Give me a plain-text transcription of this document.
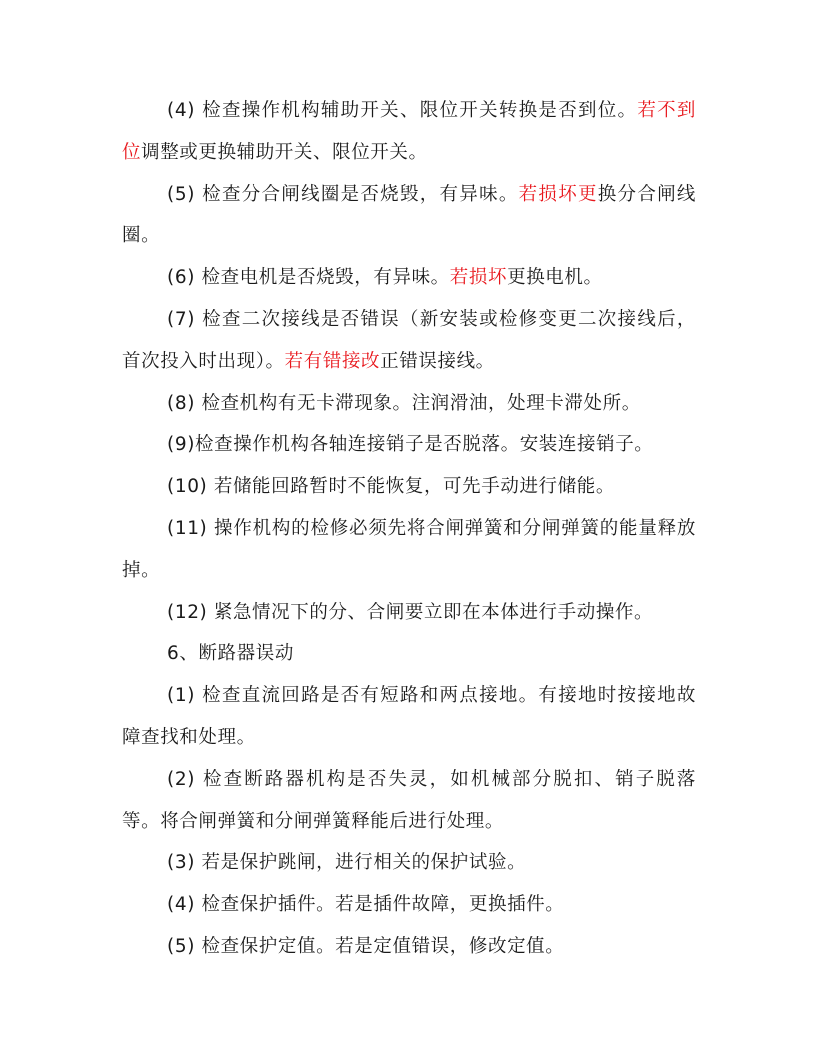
(4) 检查操作机构辅助开关、限位开关转换是否到位。若不到位调整或更换辅助开关、限位开关。

(5) 检查分合闸线圈是否烧毁，有异味。若损坏更换分合闸线圈。

(6) 检查电机是否烧毁，有异味。若损坏更换电机。

(7) 检查二次接线是否错误（新安装或检修变更二次接线后，首次投入时出现）。若有错接改正错误接线。

(8) 检查机构有无卡滞现象。注润滑油，处理卡滞处所。

(9)检查操作机构各轴连接销子是否脱落。安装连接销子。

(10) 若储能回路暂时不能恢复，可先手动进行储能。

(11) 操作机构的检修必须先将合闸弹簧和分闸弹簧的能量释放掉。

(12) 紧急情况下的分、合闸要立即在本体进行手动操作。

6、断路器误动

(1) 检查直流回路是否有短路和两点接地。有接地时按接地故障查找和处理。

(2) 检查断路器机构是否失灵，如机械部分脱扣、销子脱落等。将合闸弹簧和分闸弹簧释能后进行处理。

(3) 若是保护跳闸，进行相关的保护试验。

(4) 检查保护插件。若是插件故障，更换插件。

(5) 检查保护定值。若是定值错误，修改定值。
